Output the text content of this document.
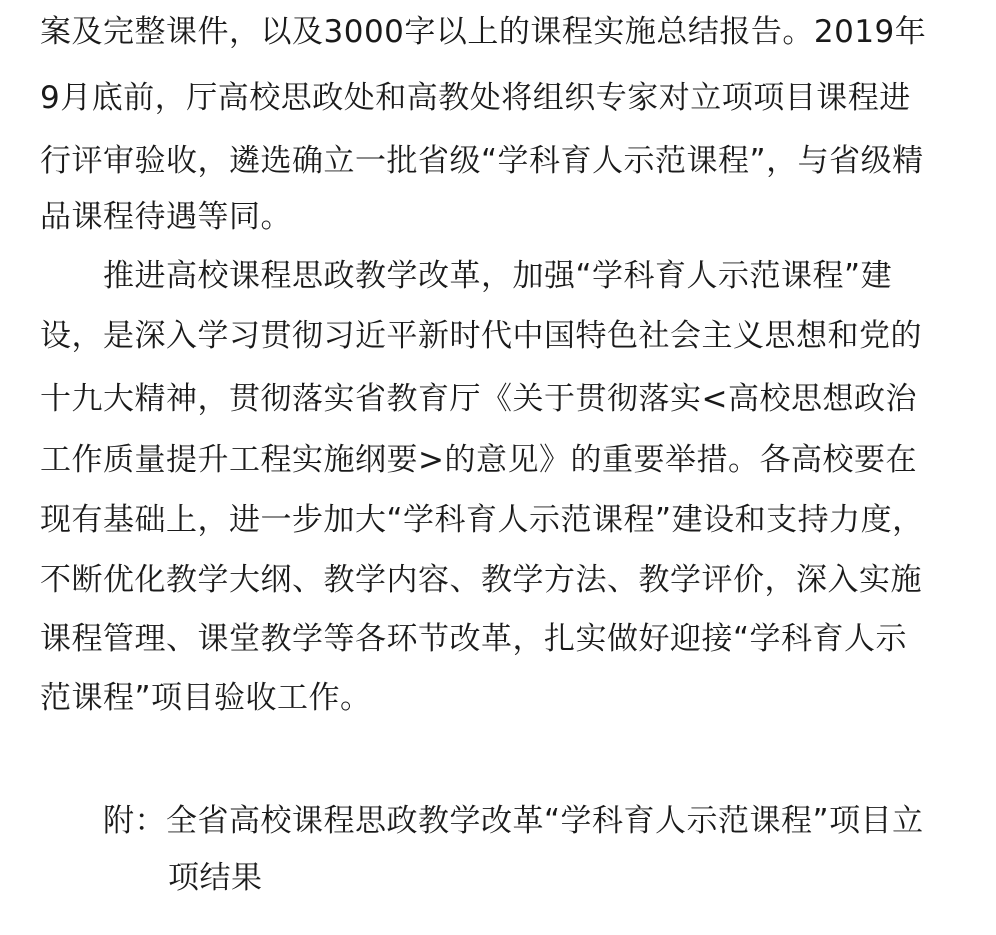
案及完整课件，以及3000字以上的课程实施总结报告。2019年
9月底前，厅高校思政处和高教处将组织专家对立项项目课程进
行评审验收，遴选确立一批省级“学科育人示范课程”，与省级精
品课程待遇等同。
推进高校课程思政教学改革，加强“学科育人示范课程”建
设，是深入学习贯彻习近平新时代中国特色社会主义思想和党的
十九大精神，贯彻落实省教育厅《关于贯彻落实<高校思想政治
工作质量提升工程实施纲要>的意见》的重要举措。各高校要在
现有基础上，进一步加大“学科育人示范课程”建设和支持力度，
不断优化教学大纲、教学内容、教学方法、教学评价，深入实施
课程管理、课堂教学等各环节改革，扎实做好迎接“学科育人示
范课程”项目验收工作。
附：全省高校课程思政教学改革“学科育人示范课程”项目立
项结果
